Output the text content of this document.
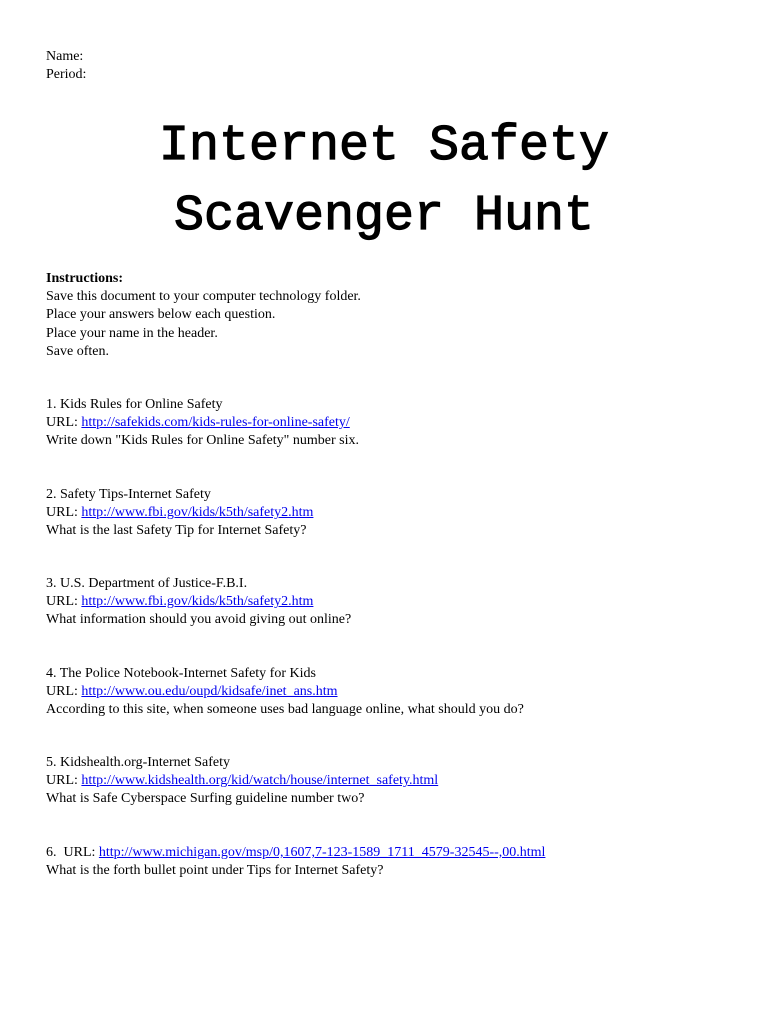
Name:
Period:
Internet Safety
Scavenger Hunt
Instructions:
Save this document to your computer technology folder.
Place your answers below each question.
Place your name in the header.
Save often.
1. Kids Rules for Online Safety
URL: http://safekids.com/kids-rules-for-online-safety/
Write down "Kids Rules for Online Safety" number six.
2. Safety Tips-Internet Safety
URL: http://www.fbi.gov/kids/k5th/safety2.htm
What is the last Safety Tip for Internet Safety?
3. U.S. Department of Justice-F.B.I.
URL: http://www.fbi.gov/kids/k5th/safety2.htm
What information should you avoid giving out online?
4. The Police Notebook-Internet Safety for Kids
URL: http://www.ou.edu/oupd/kidsafe/inet_ans.htm
According to this site, when someone uses bad language online, what should you do?
5. Kidshealth.org-Internet Safety
URL: http://www.kidshealth.org/kid/watch/house/internet_safety.html
What is Safe Cyberspace Surfing guideline number two?
6.  URL: http://www.michigan.gov/msp/0,1607,7-123-1589_1711_4579-32545--,00.html
What is the forth bullet point under Tips for Internet Safety?
